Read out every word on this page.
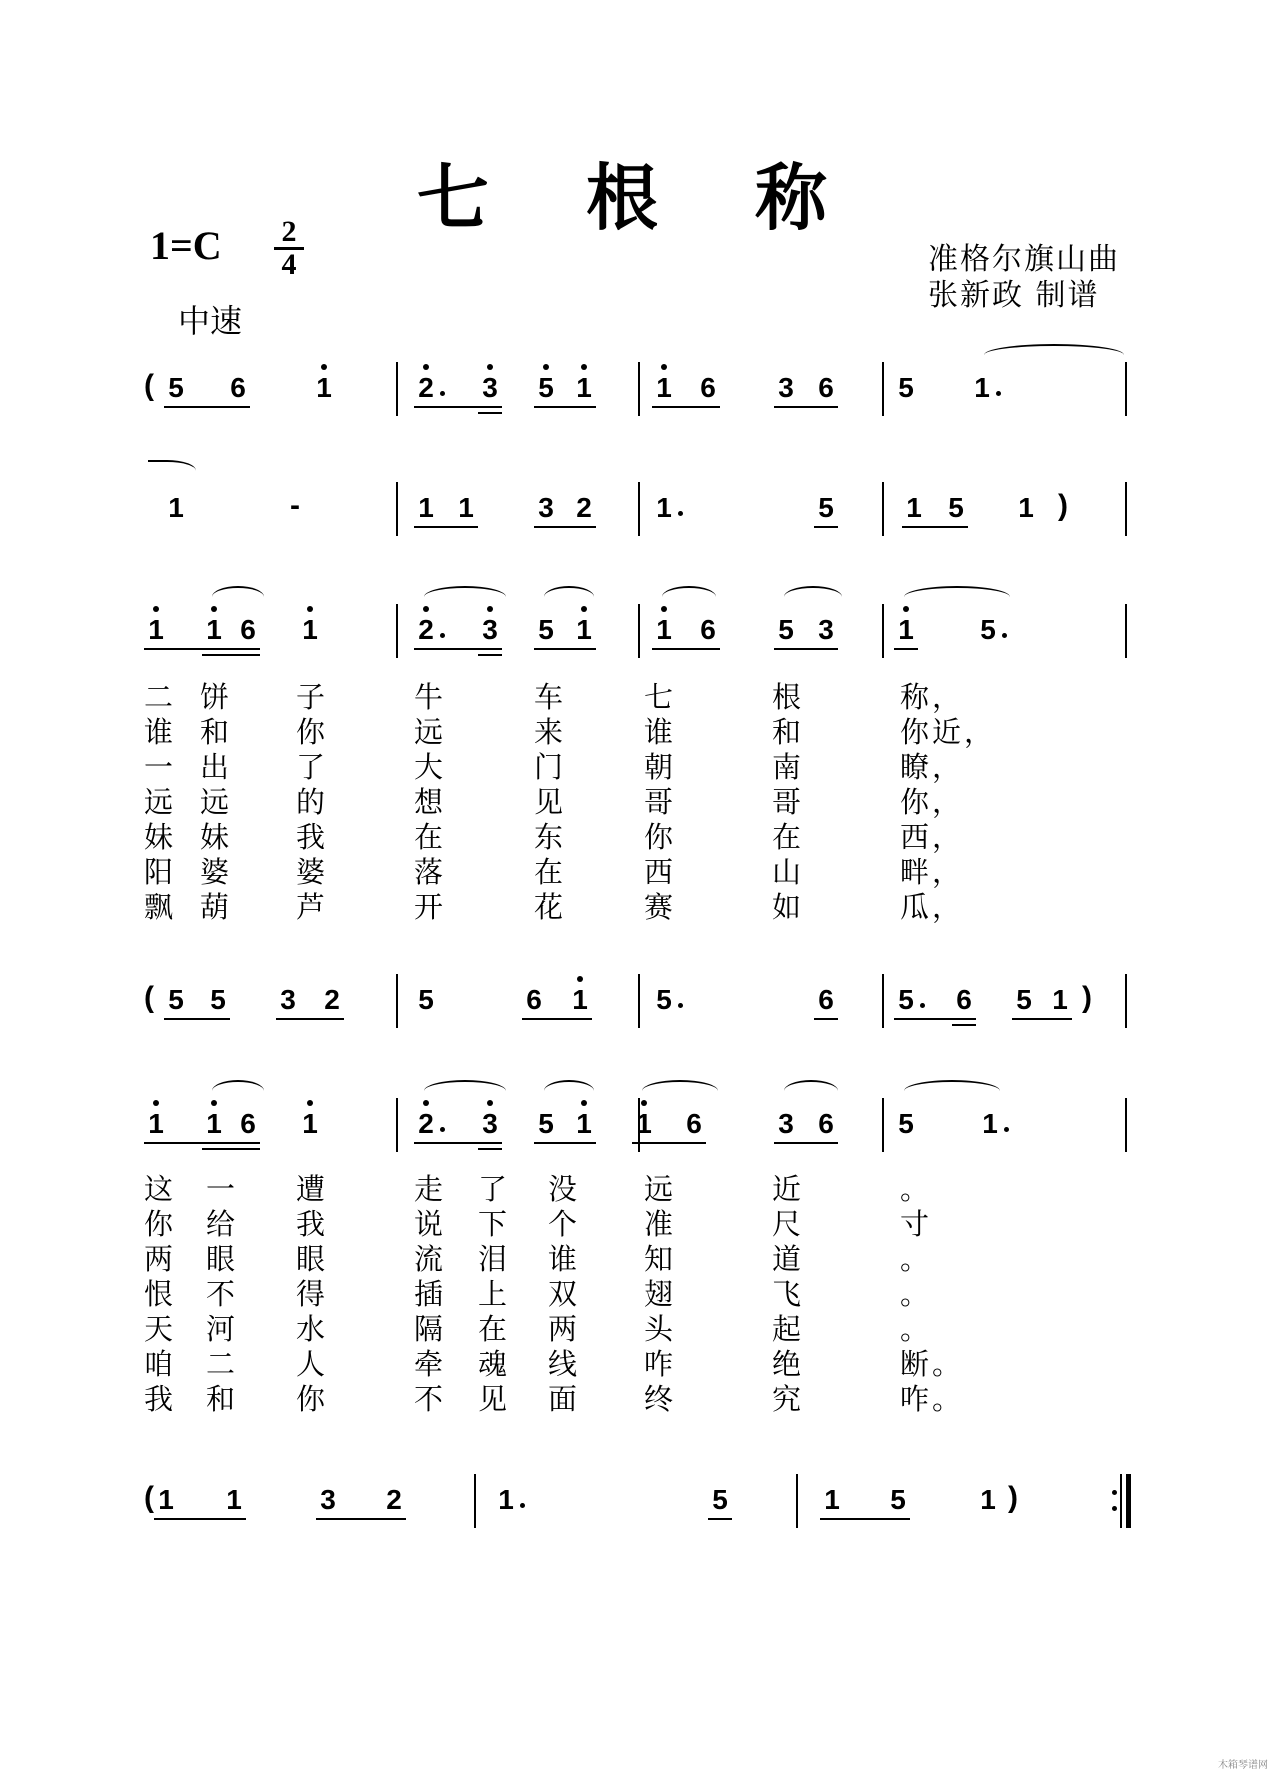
七 根 称
1=C 2
4
中速
准格尔旗山曲
张新政 制谱
( 5 6	1	2 3 5 1 1 6 3 6 5 1
1	-	1 1 3 2 1	5	1 5 1 )
1 1 6 1	2 3 5 1 1 6 5 3 1 5
( 5 5 3 2	5	6 1 5	6 5 6 5 1 )
1 1 6 1	2 3 5 1 1 6	3 6 5 1
( 1 1	3 2	1	5	1 5	1 )
二 饼 子	牛	车	七	根	称 ，
谁 和 你	远	来	谁	和	你 近 ，
一 出 了	大	门	朝	南	瞭 ，
远 远 的	想	见	哥	哥	你 ，
妹 妹 我	在	东	你	在	西 ，
阳 婆 婆	落	在	西	山	畔 ，
飘 葫 芦	开	花	赛	如	瓜 ，
这 一 遭	走 了 没 远	近	。
你 给 我	说 下 个 准	尺	寸
两 眼 眼	流 泪 谁 知	道	。
恨 不 得	插 上 双 翅	飞	。
天 河 水	隔 在 两 头	起	。
咱 二 人	牵 魂 线 咋	绝	断 。
我 和 你	不 见 面 终	究	咋 。
木箱琴谱网
